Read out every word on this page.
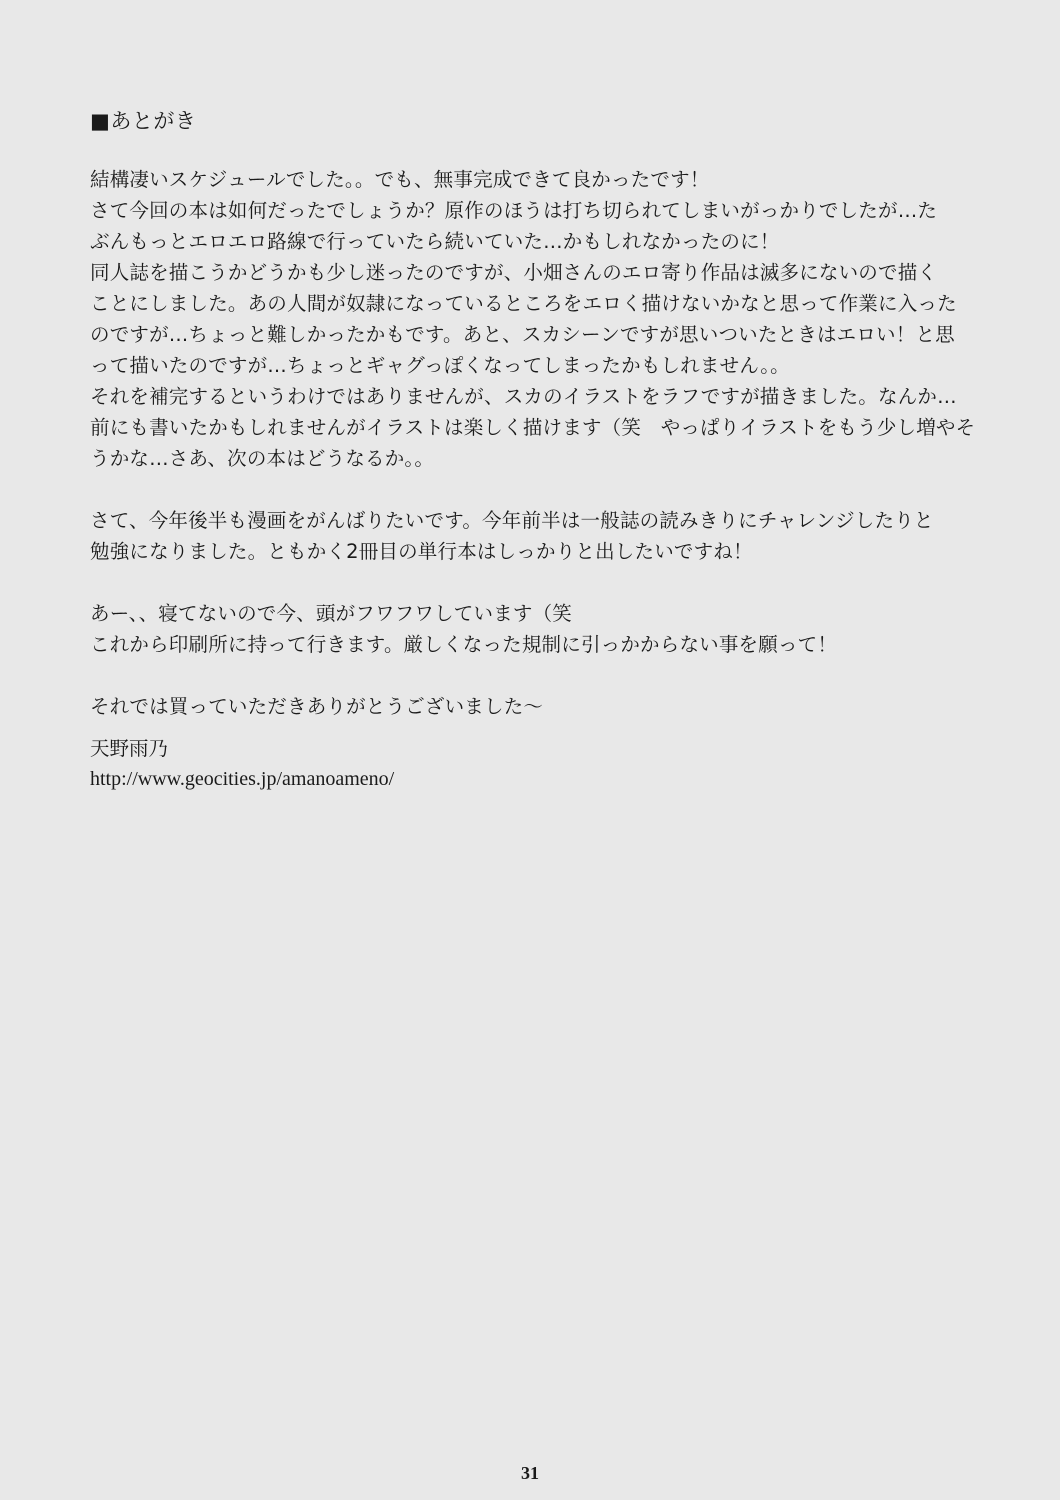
■あとがき
結構凄いスケジュールでした。。でも、無事完成できて良かったです！
さて今回の本は如何だったでしょうか？原作のほうは打ち切られてしまいがっかりでしたが…た
ぶんもっとエロエロ路線で行っていたら続いていた…かもしれなかったのに！
同人誌を描こうかどうかも少し迷ったのですが、小畑さんのエロ寄り作品は滅多にないので描く
ことにしました。あの人間が奴隷になっているところをエロく描けないかなと思って作業に入った
のですが…ちょっと難しかったかもです。あと、スカシーンですが思いついたときはエロい！と思
って描いたのですが…ちょっとギャグっぽくなってしまったかもしれません。。
それを補完するというわけではありませんが、スカのイラストをラフですが描きました。なんか…
前にも書いたかもしれませんがイラストは楽しく描けます（笑　やっぱりイラストをもう少し増やそ
うかな…さあ、次の本はどうなるか。。
さて、今年後半も漫画をがんばりたいです。今年前半は一般誌の読みきりにチャレンジしたりと
勉強になりました。ともかく2冊目の単行本はしっかりと出したいですね！
あー、、寝てないので今、頭がフワフワしています（笑
これから印刷所に持って行きます。厳しくなった規制に引っかからない事を願って！
それでは買っていただきありがとうございました～
天野雨乃
http://www.geocities.jp/amanoameno/
31
